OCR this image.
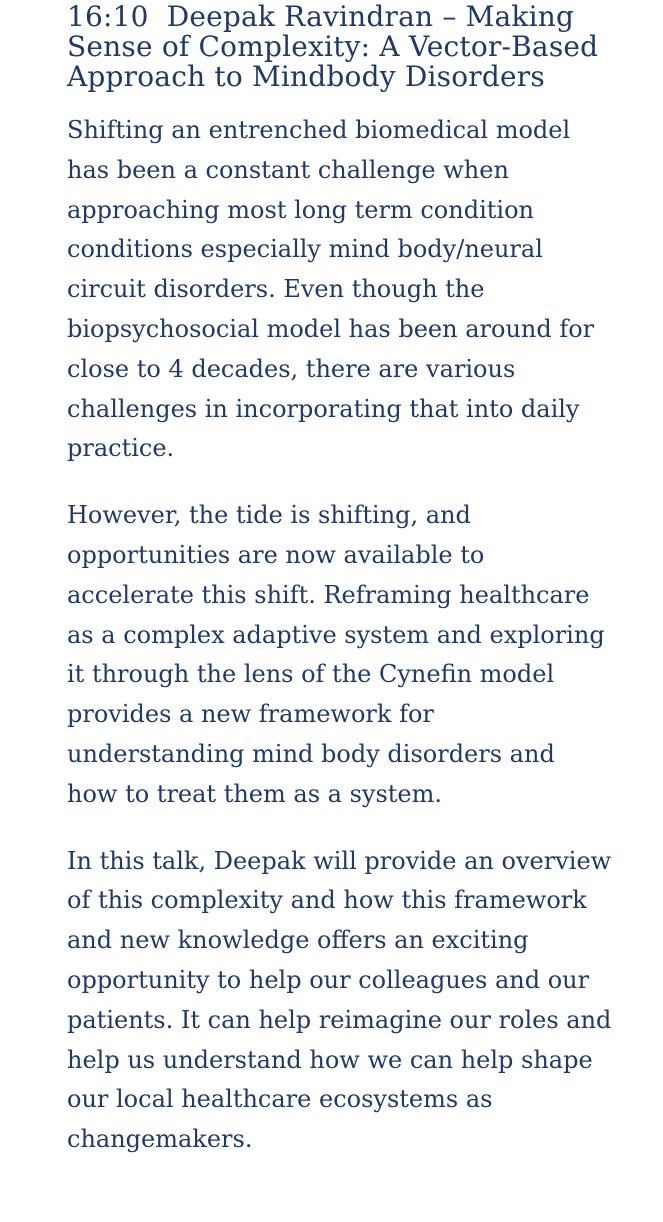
16:10 Deepak Ravindran – Making Sense of Complexity: A Vector-Based Approach to Mindbody Disorders

Shifting an entrenched biomedical model has been a constant challenge when approaching most long term condition conditions especially mind body/neural circuit disorders. Even though the biopsychosocial model has been around for close to 4 decades, there are various challenges in incorporating that into daily practice.

However, the tide is shifting, and opportunities are now available to accelerate this shift. Reframing healthcare as a complex adaptive system and exploring it through the lens of the Cynefin model provides a new framework for understanding mind body disorders and how to treat them as a system.

In this talk, Deepak will provide an overview of this complexity and how this framework and new knowledge offers an exciting opportunity to help our colleagues and our patients. It can help reimagine our roles and help us understand how we can help shape our local healthcare ecosystems as changemakers.
